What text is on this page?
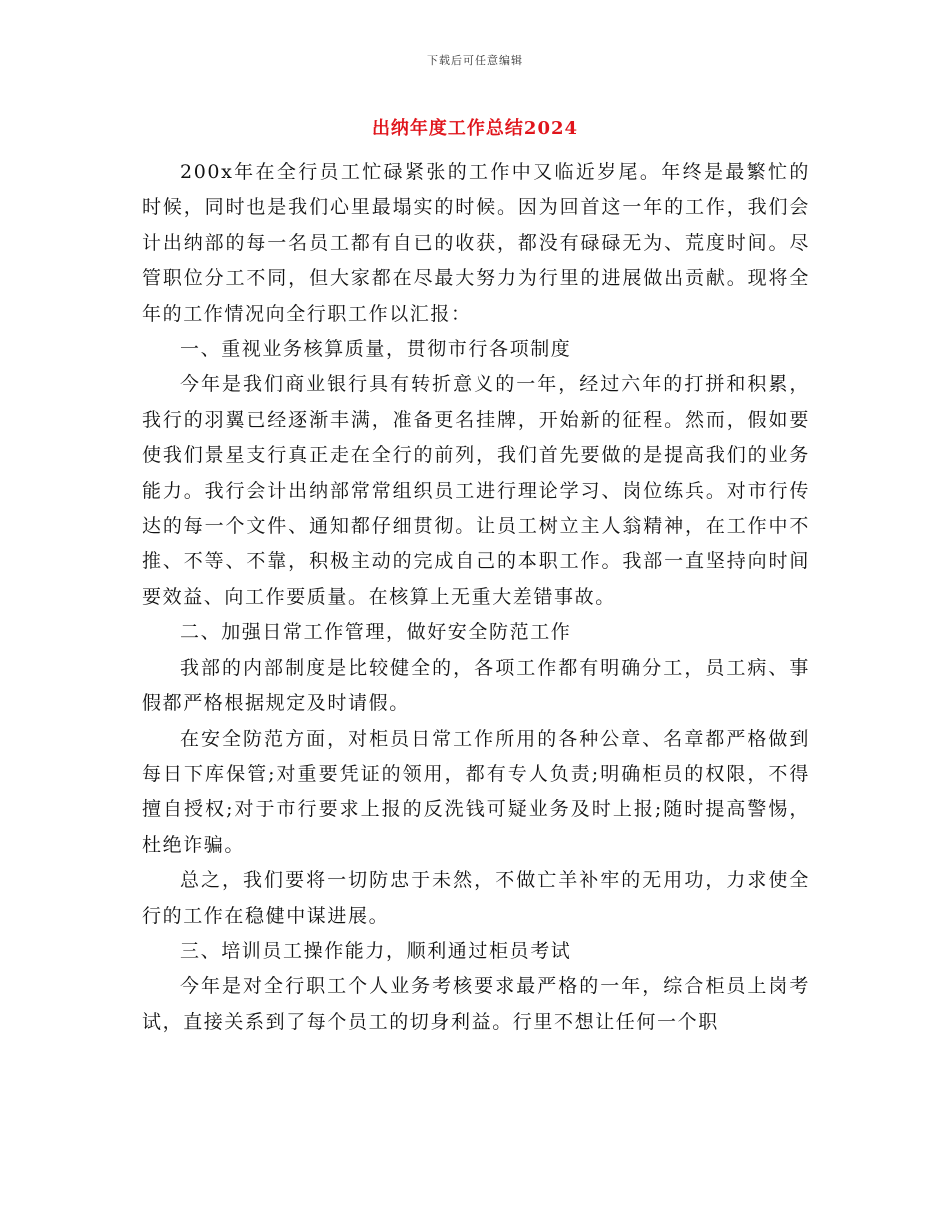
下载后可任意编辑
出纳年度工作总结2024

200x年在全行员工忙碌紧张的工作中又临近岁尾。年终是最繁忙的时候，同时也是我们心里最塌实的时候。因为回首这一年的工作，我们会计出纳部的每一名员工都有自已的收获，都没有碌碌无为、荒度时间。尽管职位分工不同，但大家都在尽最大努力为行里的进展做出贡献。现将全年的工作情况向全行职工作以汇报：

一、重视业务核算质量，贯彻市行各项制度

今年是我们商业银行具有转折意义的一年，经过六年的打拼和积累，我行的羽翼已经逐渐丰满，准备更名挂牌，开始新的征程。然而，假如要使我们景星支行真正走在全行的前列，我们首先要做的是提高我们的业务能力。我行会计出纳部常常组织员工进行理论学习、岗位练兵。对市行传达的每一个文件、通知都仔细贯彻。让员工树立主人翁精神，在工作中不推、不等、不靠，积极主动的完成自己的本职工作。我部一直坚持向时间要效益、向工作要质量。在核算上无重大差错事故。

二、加强日常工作管理，做好安全防范工作

我部的内部制度是比较健全的，各项工作都有明确分工，员工病、事假都严格根据规定及时请假。

在安全防范方面，对柜员日常工作所用的各种公章、名章都严格做到每日下库保管;对重要凭证的领用，都有专人负责;明确柜员的权限，不得擅自授权;对于市行要求上报的反洗钱可疑业务及时上报;随时提高警惕，杜绝诈骗。

总之，我们要将一切防忠于未然，不做亡羊补牢的无用功，力求使全行的工作在稳健中谋进展。

三、培训员工操作能力，顺利通过柜员考试

今年是对全行职工个人业务考核要求最严格的一年，综合柜员上岗考试，直接关系到了每个员工的切身利益。行里不想让任何一个职
